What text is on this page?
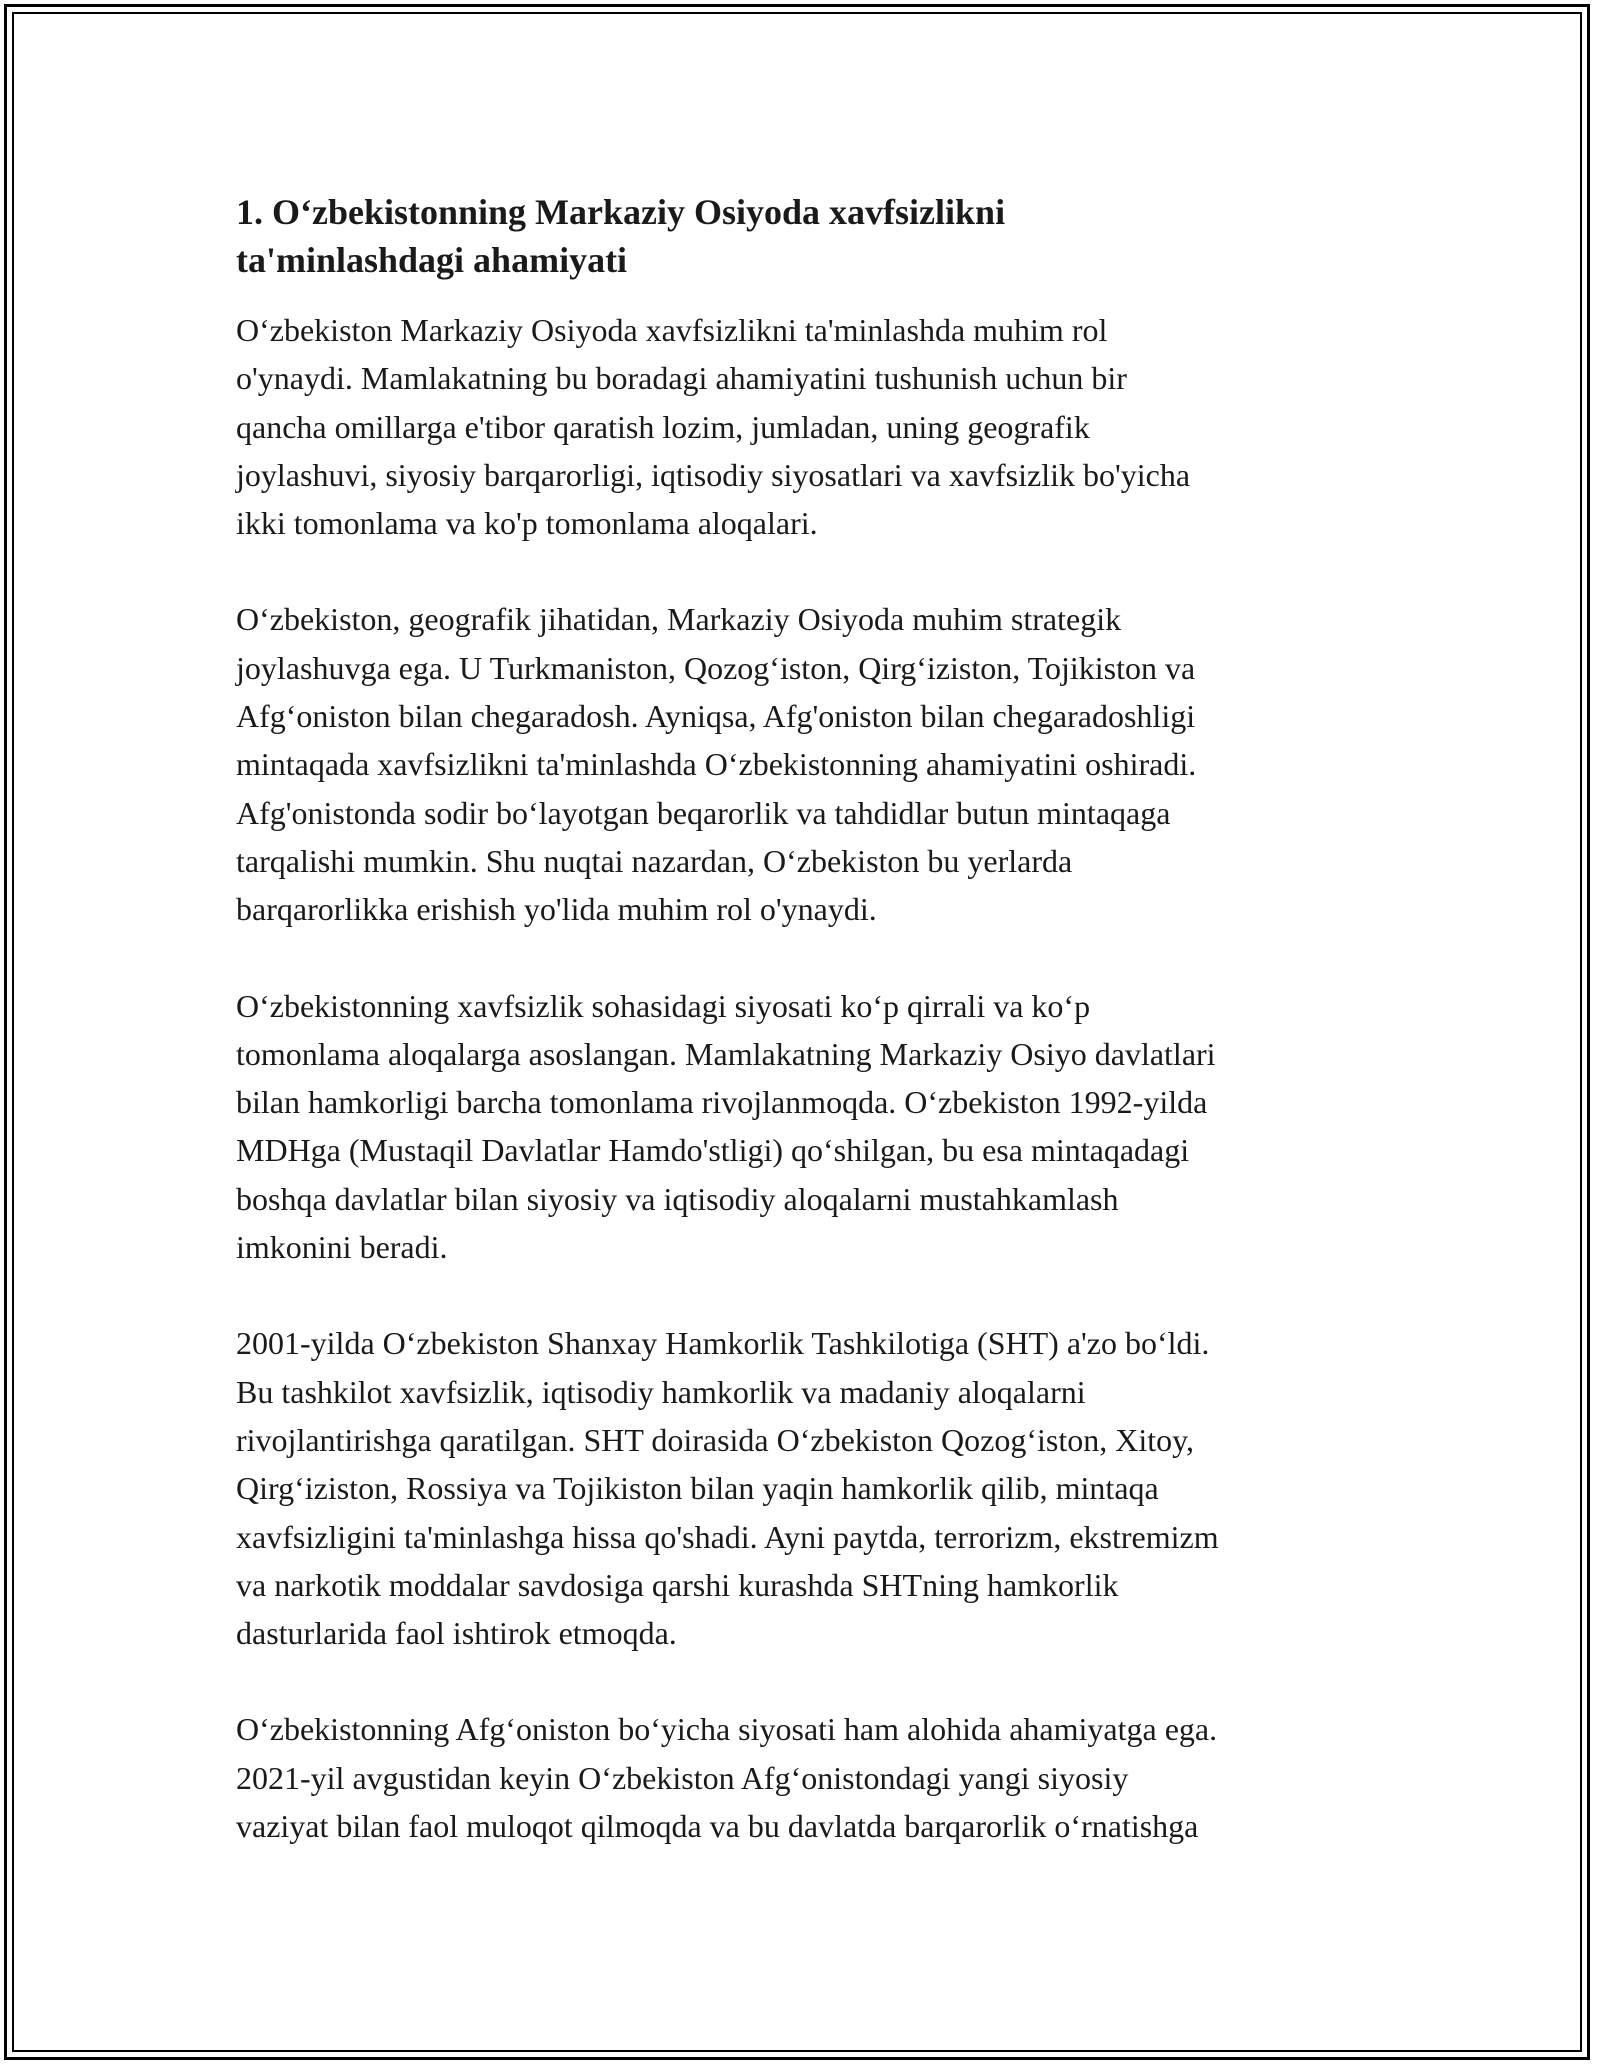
1. O‘zbekistonning Markaziy Osiyoda xavfsizlikni
ta'minlashdagi ahamiyati

O‘zbekiston Markaziy Osiyoda xavfsizlikni ta'minlashda muhim rol
o'ynaydi. Mamlakatning bu boradagi ahamiyatini tushunish uchun bir
qancha omillarga e'tibor qaratish lozim, jumladan, uning geografik
joylashuvi, siyosiy barqarorligi, iqtisodiy siyosatlari va xavfsizlik bo'yicha
ikki tomonlama va ko'p tomonlama aloqalari.

O‘zbekiston, geografik jihatidan, Markaziy Osiyoda muhim strategik
joylashuvga ega. U Turkmaniston, Qozog‘iston, Qirg‘iziston, Tojikiston va
Afg‘oniston bilan chegaradosh. Ayniqsa, Afg'oniston bilan chegaradoshligi
mintaqada xavfsizlikni ta'minlashda O‘zbekistonning ahamiyatini oshiradi.
Afg'onistonda sodir bo‘layotgan beqarorlik va tahdidlar butun mintaqaga
tarqalishi mumkin. Shu nuqtai nazardan, O‘zbekiston bu yerlarda
barqarorlikka erishish yo'lida muhim rol o'ynaydi.

O‘zbekistonning xavfsizlik sohasidagi siyosati ko‘p qirrali va ko‘p
tomonlama aloqalarga asoslangan. Mamlakatning Markaziy Osiyo davlatlari
bilan hamkorligi barcha tomonlama rivojlanmoqda. O‘zbekiston 1992-yilda
MDHga (Mustaqil Davlatlar Hamdo'stligi) qo‘shilgan, bu esa mintaqadagi
boshqa davlatlar bilan siyosiy va iqtisodiy aloqalarni mustahkamlash
imkonini beradi.

2001-yilda O‘zbekiston Shanxay Hamkorlik Tashkilotiga (SHT) a'zo bo‘ldi.
Bu tashkilot xavfsizlik, iqtisodiy hamkorlik va madaniy aloqalarni
rivojlantirishga qaratilgan. SHT doirasida O‘zbekiston Qozog‘iston, Xitoy,
Qirg‘iziston, Rossiya va Tojikiston bilan yaqin hamkorlik qilib, mintaqa
xavfsizligini ta'minlashga hissa qo'shadi. Ayni paytda, terrorizm, ekstremizm
va narkotik moddalar savdosiga qarshi kurashda SHTning hamkorlik
dasturlarida faol ishtirok etmoqda.

O‘zbekistonning Afg‘oniston bo‘yicha siyosati ham alohida ahamiyatga ega.
2021-yil avgustidan keyin O‘zbekiston Afg‘onistondagi yangi siyosiy
vaziyat bilan faol muloqot qilmoqda va bu davlatda barqarorlik o‘rnatishga
